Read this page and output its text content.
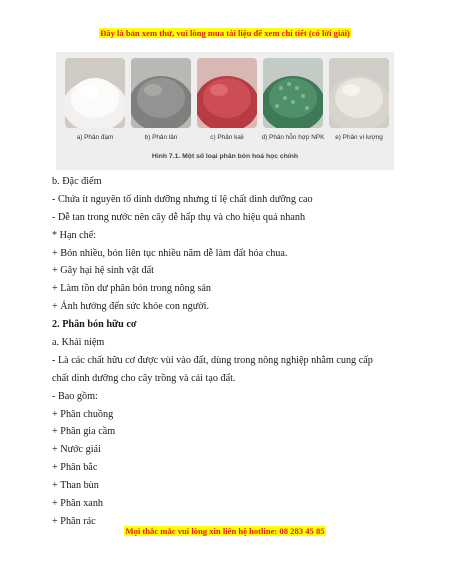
Đây là bản xem thử, vui lòng mua tài liệu để xem chi tiết (có lời giải)
a) Phân đạm	b) Phân lân	c) Phân kali	d) Phân hỗn hợp NPK	e) Phân vi lượng
Hình 7.1. Một số loại phân bón hoá học chính
b. Đặc điểm
- Chứa ít nguyên tố dinh dưỡng nhưng tỉ lệ chất dinh dưỡng cao
- Dễ tan trong nước nên cây dễ hấp thụ và cho hiệu quả nhanh
* Hạn chế:
+ Bón nhiều, bón liên tục nhiều năm dễ làm đất hóa chua.
+ Gây hại hệ sinh vật đất
+ Làm tồn dư phân bón trong nông sản
+ Ảnh hưởng đến sức khỏe con người.
2. Phân bón hữu cơ
a. Khái niệm
- Là các chất hữu cơ được vùi vào đất, dùng trong nông nghiệp nhằm cung cấp
chất dinh dưỡng cho cây trồng và cải tạo đất.
- Bao gồm:
+ Phân chuồng
+ Phân gia cầm
+ Nước giải
+ Phân bắc
+ Than bùn
+ Phân xanh
+ Phân rác
Mọi thắc mắc vui lòng xin liên hệ hotline: 08 283 45 85
